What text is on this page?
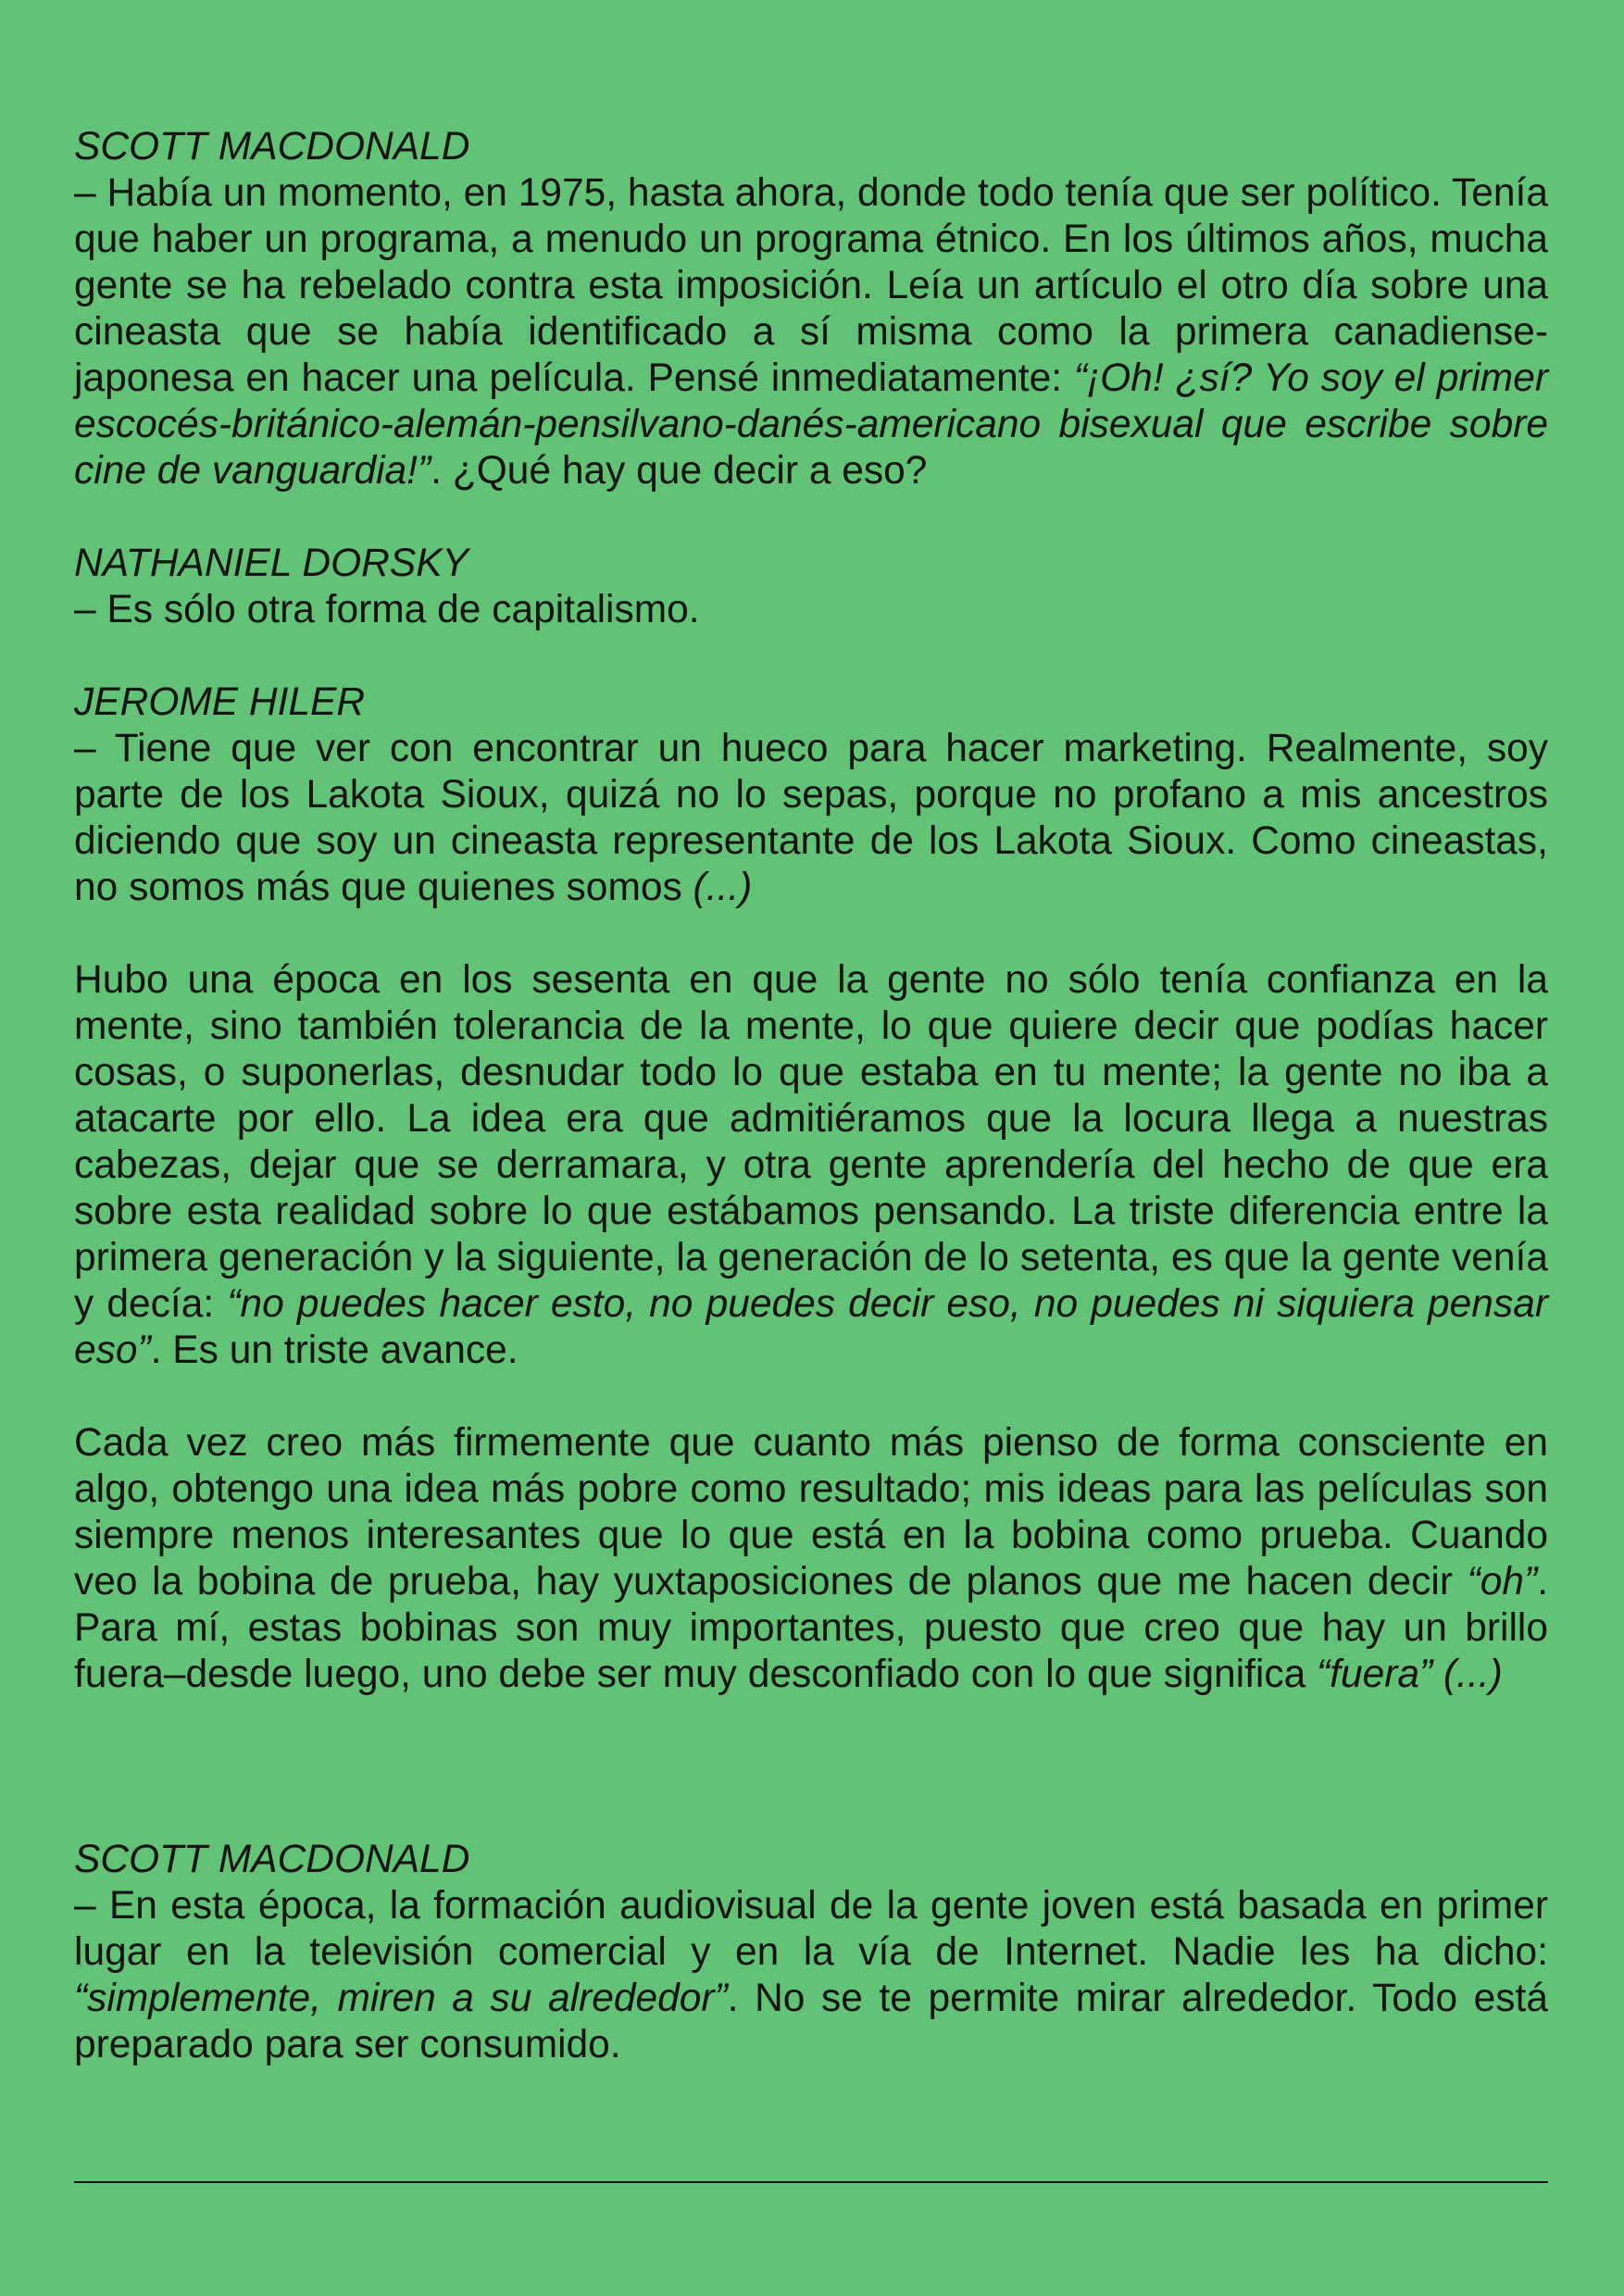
SCOTT MACDONALD

– Había un momento, en 1975, hasta ahora, donde todo tenía que ser político. Tenía que haber un programa, a menudo un programa étnico. En los últimos años, mucha gente se ha rebelado contra esta imposición. Leía un artículo el otro día sobre una cineasta que se había identificado a sí misma como la primera canadiense-japonesa en hacer una película. Pensé inmediatamente: “¡Oh! ¿sí? Yo soy el primer escocés-británico-alemán-pensilvano-danés-americano bisexual que escribe sobre cine de vanguardia!”. ¿Qué hay que decir a eso?

NATHANIEL DORSKY

– Es sólo otra forma de capitalismo.

JEROME HILER

– Tiene que ver con encontrar un hueco para hacer marketing. Realmente, soy parte de los Lakota Sioux, quizá no lo sepas, porque no profano a mis ancestros diciendo que soy un cineasta representante de los Lakota Sioux. Como cineastas, no somos más que quienes somos (...)

Hubo una época en los sesenta en que la gente no sólo tenía confianza en la mente, sino también tolerancia de la mente, lo que quiere decir que podías hacer cosas, o suponerlas, desnudar todo lo que estaba en tu mente; la gente no iba a atacarte por ello. La idea era que admitiéramos que la locura llega a nuestras cabezas, dejar que se derramara, y otra gente aprendería del hecho de que era sobre esta realidad sobre lo que estábamos pensando. La triste diferencia entre la primera generación y la siguiente, la generación de lo setenta, es que la gente venía y decía: “no puedes hacer esto, no puedes decir eso, no puedes ni siquiera pensar eso”. Es un triste avance.

Cada vez creo más firmemente que cuanto más pienso de forma consciente en algo, obtengo una idea más pobre como resultado; mis ideas para las películas son siempre menos interesantes que lo que está en la bobina como prueba. Cuando veo la bobina de prueba, hay yuxtaposiciones de planos que me hacen decir “oh”. Para mí, estas bobinas son muy importantes, puesto que creo que hay un brillo fuera–desde luego, uno debe ser muy desconfiado con lo que significa “fuera” (...)

SCOTT MACDONALD

– En esta época, la formación audiovisual de la gente joven está basada en primer lugar en la televisión comercial y en la vía de Internet. Nadie les ha dicho: “simplemente, miren a su alrededor”. No se te permite mirar alrededor. Todo está preparado para ser consumido.
